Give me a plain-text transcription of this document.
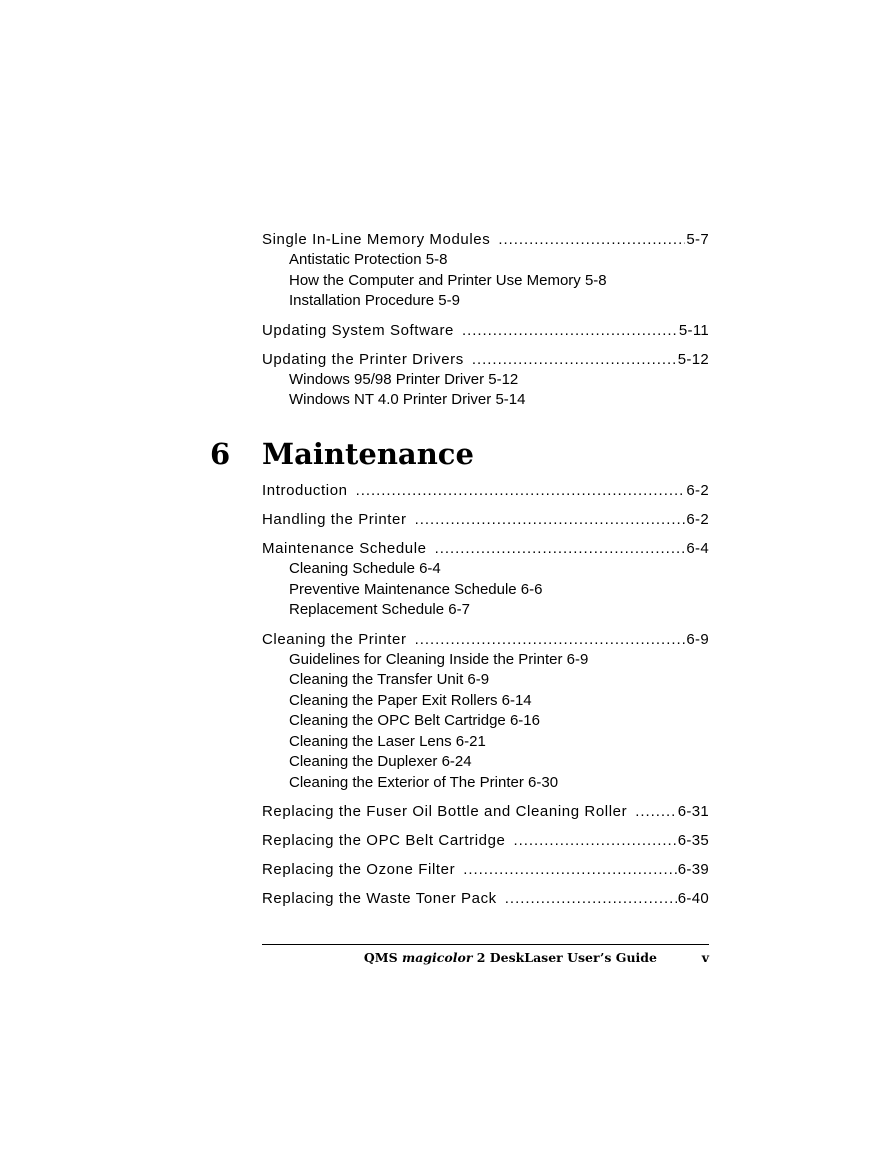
Single In-Line Memory Modules . . .	5-7
Antistatic Protection 5-8
How the Computer and Printer Use Memory 5-8
Installation Procedure 5-9
Updating System Software . . .	5-11
Updating the Printer Drivers . . .	5-12
Windows 95/98 Printer Driver 5-12
Windows NT 4.0 Printer Driver 5-14
6 Maintenance
Introduction . . .	6-2
Handling the Printer . . .	6-2
Maintenance Schedule . . .	6-4
Cleaning Schedule 6-4
Preventive Maintenance Schedule 6-6
Replacement Schedule 6-7
Cleaning the Printer . . .	6-9
Guidelines for Cleaning Inside the Printer 6-9
Cleaning the Transfer Unit 6-9
Cleaning the Paper Exit Rollers 6-14
Cleaning the OPC Belt Cartridge 6-16
Cleaning the Laser Lens 6-21
Cleaning the Duplexer 6-24
Cleaning the Exterior of The Printer 6-30
Replacing the Fuser Oil Bottle and Cleaning Roller . . .	6-31
Replacing the OPC Belt Cartridge . . .	6-35
Replacing the Ozone Filter . . .	6-39
Replacing the Waste Toner Pack . . .	6-40
QMS magicolor 2 DeskLaser User’s Guide	v
